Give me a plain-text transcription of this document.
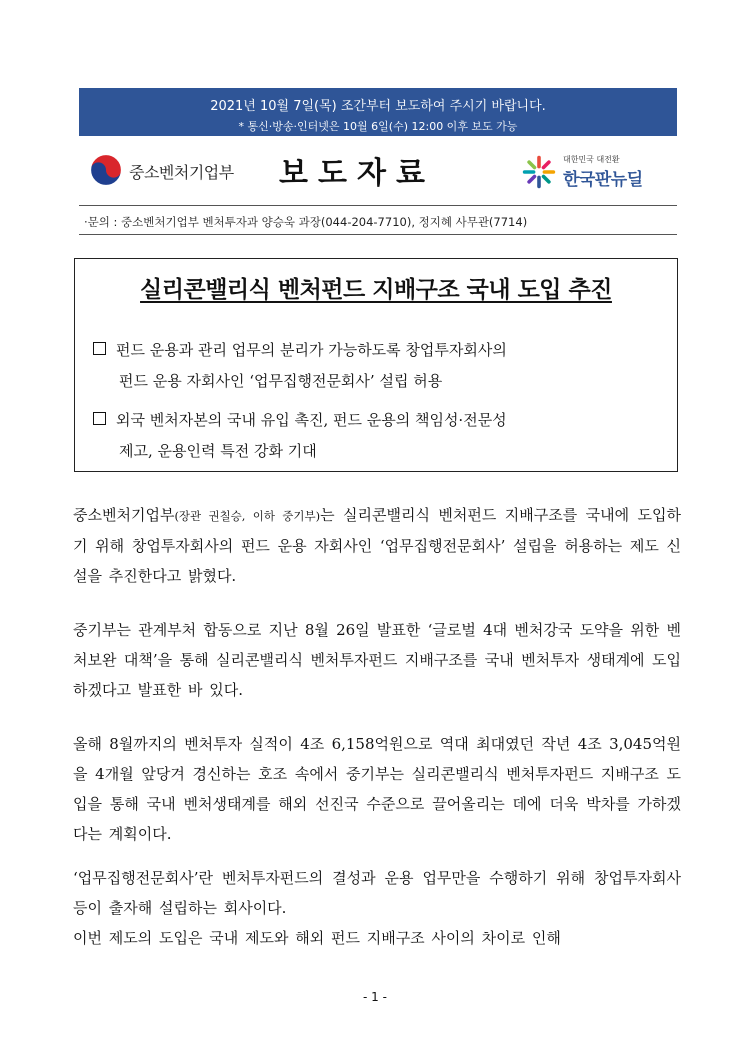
2021년 10월 7일(목) 조간부터 보도하여 주시기 바랍니다.
* 통신·방송·인터넷은 10월 6일(수) 12:00 이후 보도 가능
중소벤처기업부 보도자료	대한민국 대전환
한국판뉴딜
·문의 : 중소벤처기업부 벤처투자과 양승욱 과장(044-204-7710), 정지혜 사무관(7714)
실리콘밸리식 벤처펀드 지배구조 국내 도입 추진
펀드 운용과 관리 업무의 분리가 가능하도록 창업투자회사의
펀드 운용 자회사인 ‘업무집행전문회사’ 설립 허용
외국 벤처자본의 국내 유입 촉진, 펀드 운용의 책임성·전문성
제고, 운용인력 특전 강화 기대
중소벤처기업부(장관 권칠승, 이하 중기부)는 실리콘밸리식 벤처펀드 지배구조를 국내에 도입하기 위해 창업투자회사의 펀드 운용 자회사인 ‘업무집행전문회사’ 설립을 허용하는 제도 신설을 추진한다고 밝혔다.
중기부는 관계부처 합동으로 지난 8월 26일 발표한 ‘글로벌 4대 벤처강국 도약을 위한 벤처보완 대책’을 통해 실리콘밸리식 벤처투자펀드 지배구조를 국내 벤처투자 생태계에 도입하겠다고 발표한 바 있다.
올해 8월까지의 벤처투자 실적이 4조 6,158억원으로 역대 최대였던 작년 4조 3,045억원을 4개월 앞당겨 경신하는 호조 속에서 중기부는 실리콘밸리식 벤처투자펀드 지배구조 도입을 통해 국내 벤처생태계를 해외 선진국 수준으로 끌어올리는 데에 더욱 박차를 가하겠다는 계획이다.
‘업무집행전문회사’란 벤처투자펀드의 결성과 운용 업무만을 수행하기 위해 창업투자회사 등이 출자해 설립하는 회사이다.
이번 제도의 도입은 국내 제도와 해외 펀드 지배구조 사이의 차이로 인해
- 1 -
